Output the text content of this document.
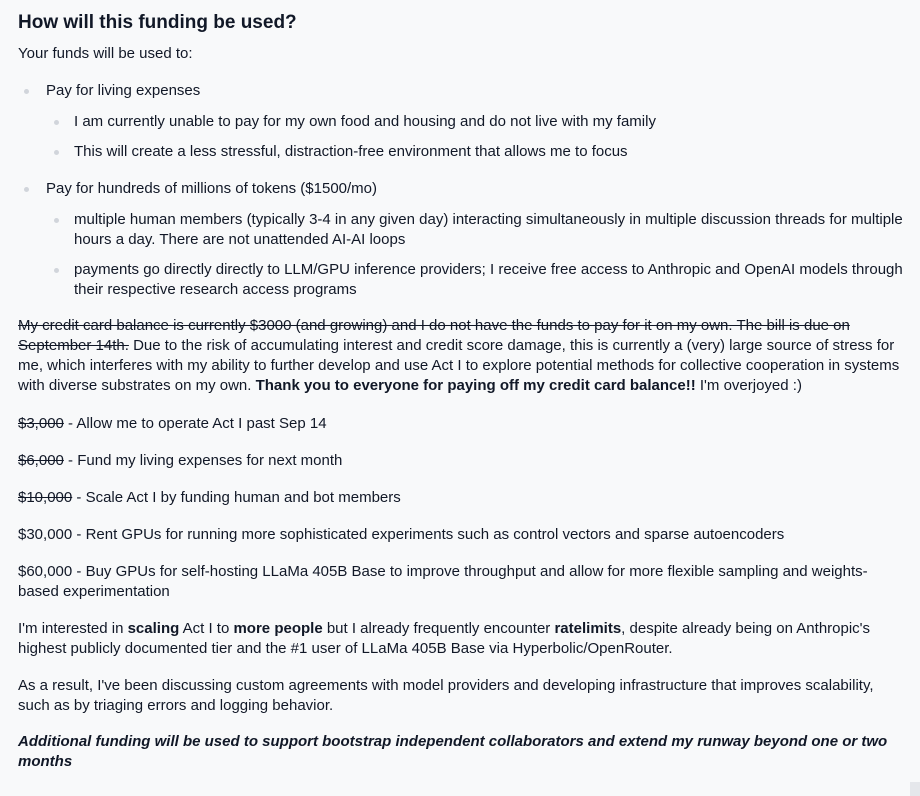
How will this funding be used?

Your funds will be used to:

Pay for living expenses
I am currently unable to pay for my own food and housing and do not live with my family
This will create a less stressful, distraction-free environment that allows me to focus
Pay for hundreds of millions of tokens ($1500/mo)
multiple human members (typically 3-4 in any given day) interacting simultaneously in multiple discussion threads for multiple hours a day. There are not unattended AI-AI loops
payments go directly directly to LLM/GPU inference providers; I receive free access to Anthropic and OpenAI models through their respective research access programs

My credit card balance is currently $3000 (and growing) and I do not have the funds to pay for it on my own. The bill is due on September 14th. Due to the risk of accumulating interest and credit score damage, this is currently a (very) large source of stress for me, which interferes with my ability to further develop and use Act I to explore potential methods for collective cooperation in systems with diverse substrates on my own. Thank you to everyone for paying off my credit card balance!! I'm overjoyed :)

$3,000 - Allow me to operate Act I past Sep 14

$6,000 - Fund my living expenses for next month

$10,000 - Scale Act I by funding human and bot members

$30,000 - Rent GPUs for running more sophisticated experiments such as control vectors and sparse autoencoders

$60,000 - Buy GPUs for self-hosting LLaMa 405B Base to improve throughput and allow for more flexible sampling and weights-based experimentation

I'm interested in scaling Act I to more people but I already frequently encounter ratelimits, despite already being on Anthropic's highest publicly documented tier and the #1 user of LLaMa 405B Base via Hyperbolic/OpenRouter.

As a result, I've been discussing custom agreements with model providers and developing infrastructure that improves scalability, such as by triaging errors and logging behavior.

Additional funding will be used to support bootstrap independent collaborators and extend my runway beyond one or two months
